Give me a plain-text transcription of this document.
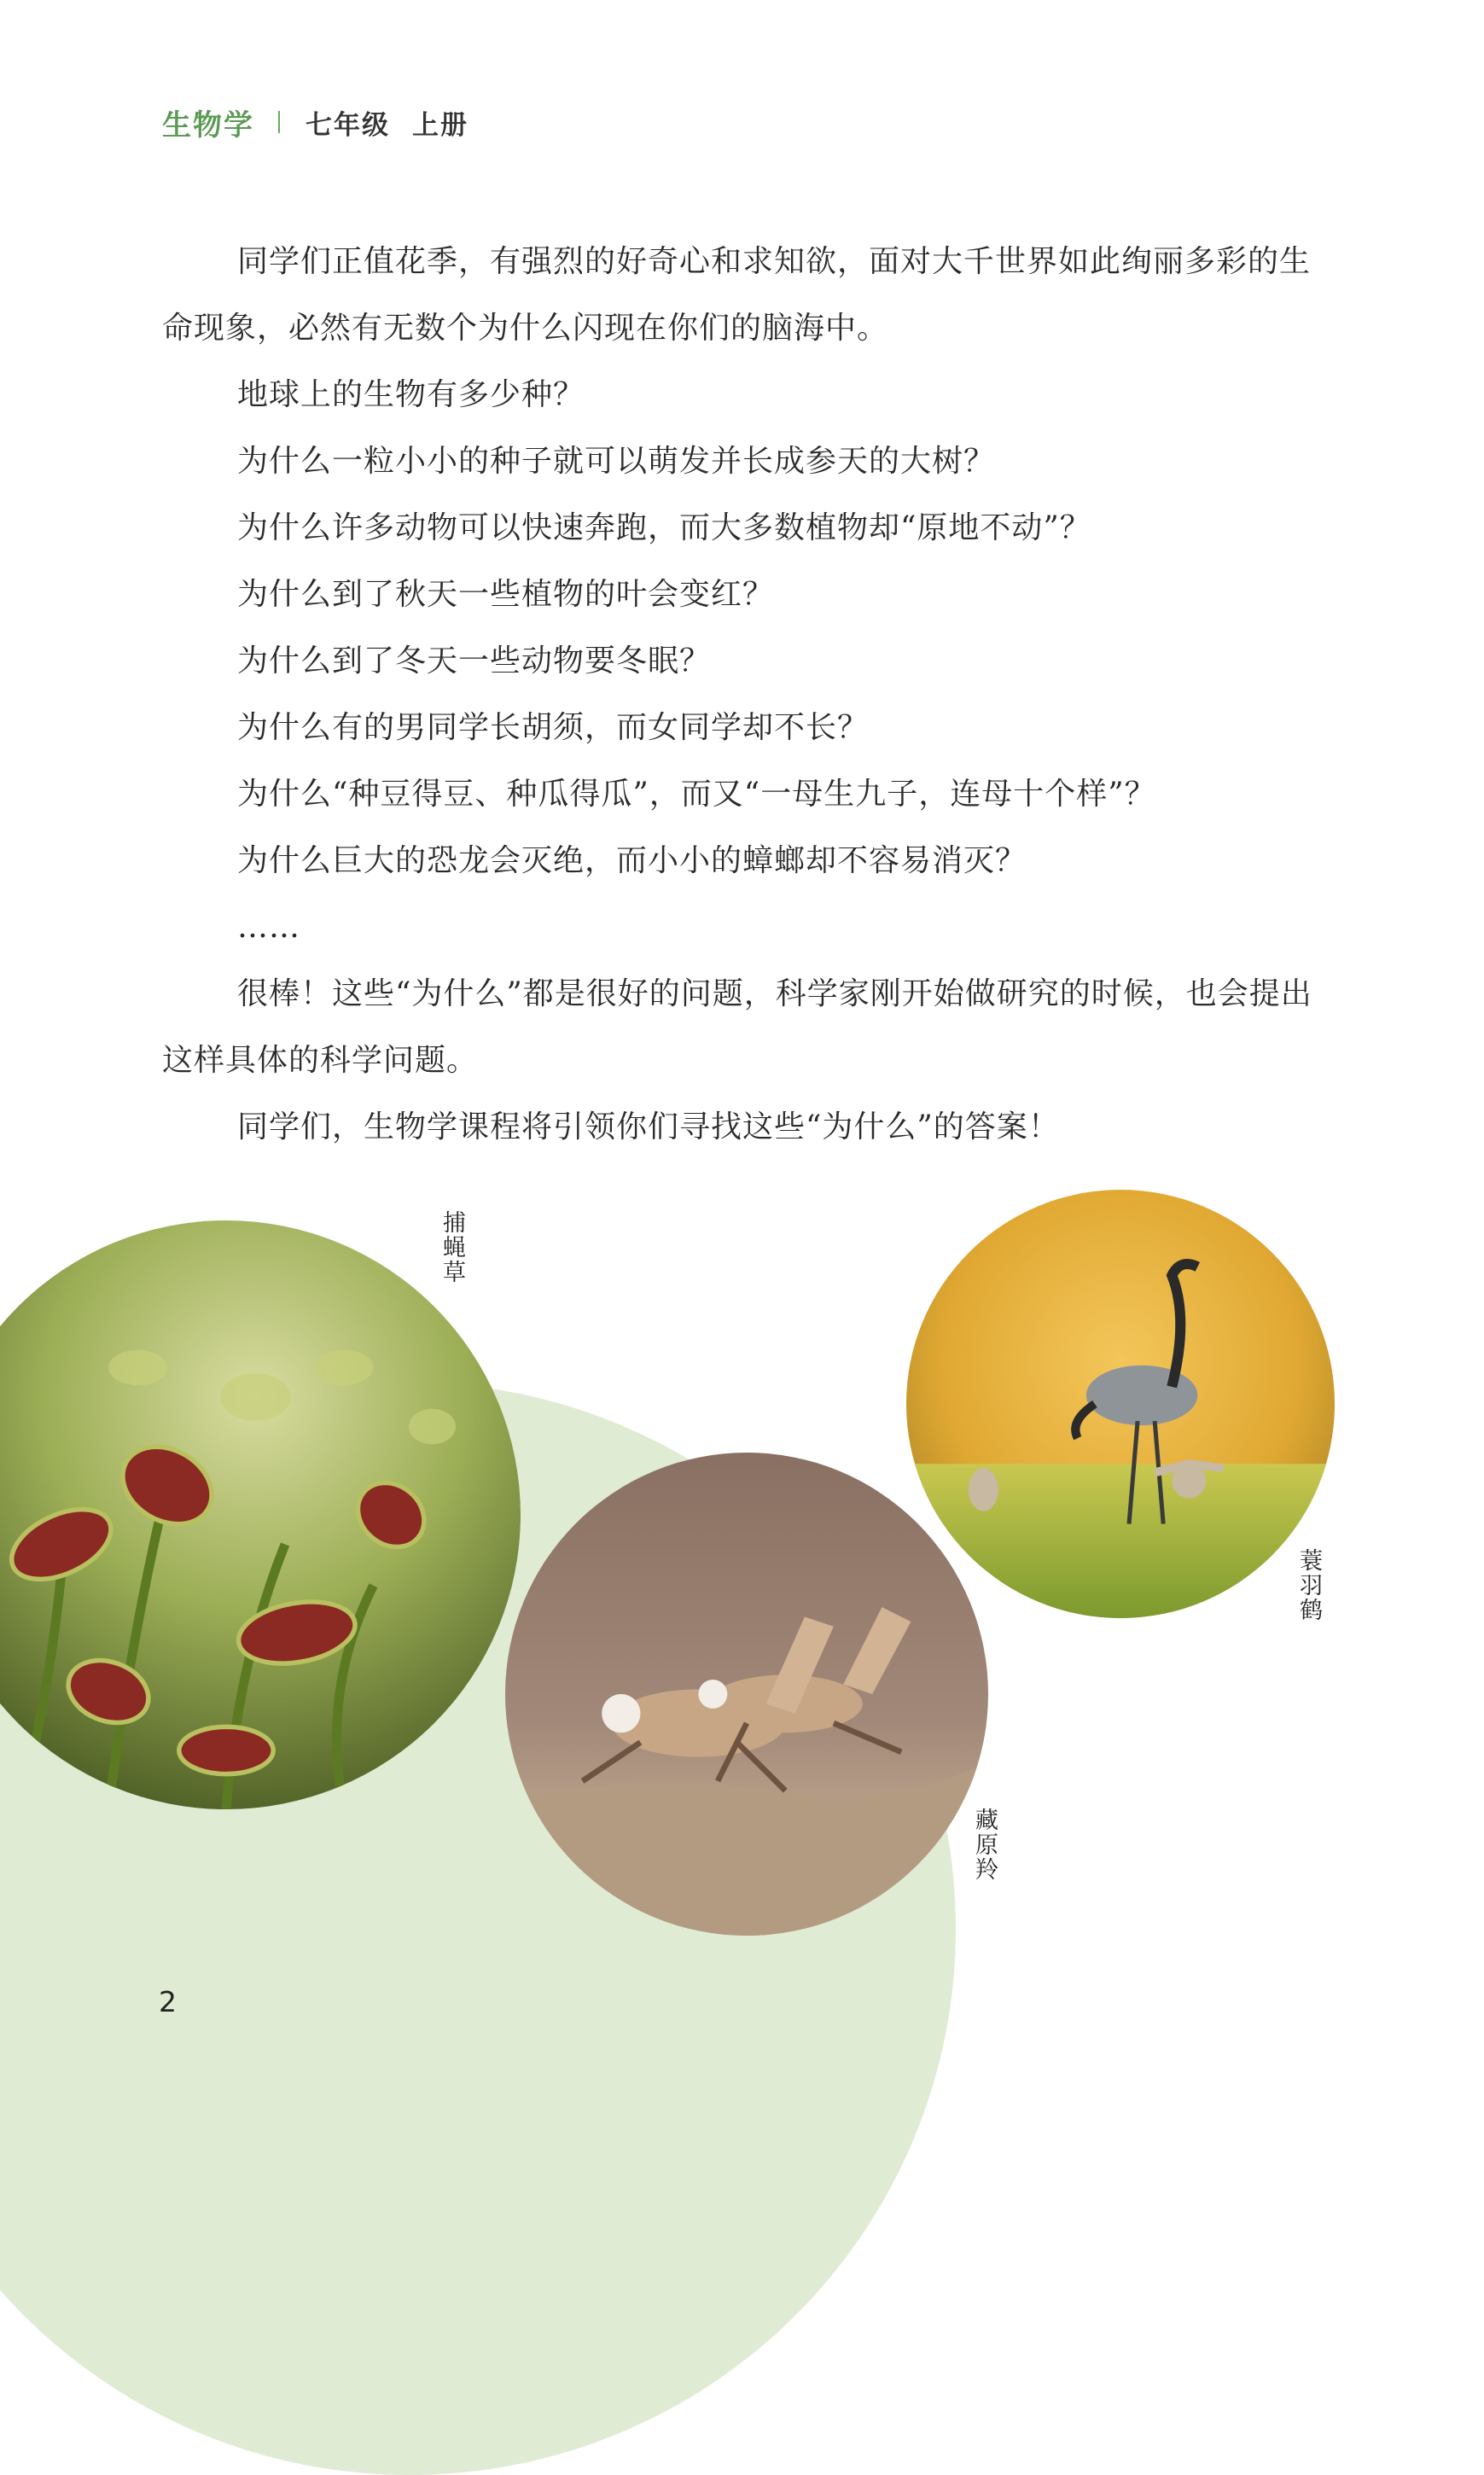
生物学 七年级 上册

同学们正值花季，有强烈的好奇心和求知欲，面对大千世界如此绚丽多彩的生命现象，必然有无数个为什么闪现在你们的脑海中。

地球上的生物有多少种？

为什么一粒小小的种子就可以萌发并长成参天的大树？

为什么许多动物可以快速奔跑，而大多数植物却“原地不动”？

为什么到了秋天一些植物的叶会变红？

为什么到了冬天一些动物要冬眠？

为什么有的男同学长胡须，而女同学却不长？

为什么“种豆得豆、种瓜得瓜”，而又“一母生九子，连母十个样”？

为什么巨大的恐龙会灭绝，而小小的蟑螂却不容易消灭？

……

很棒！这些“为什么”都是很好的问题，科学家刚开始做研究的时候，也会提出这样具体的科学问题。

同学们，生物学课程将引领你们寻找这些“为什么”的答案！

捕蝇草
藏原羚
蓑羽鹤
2
